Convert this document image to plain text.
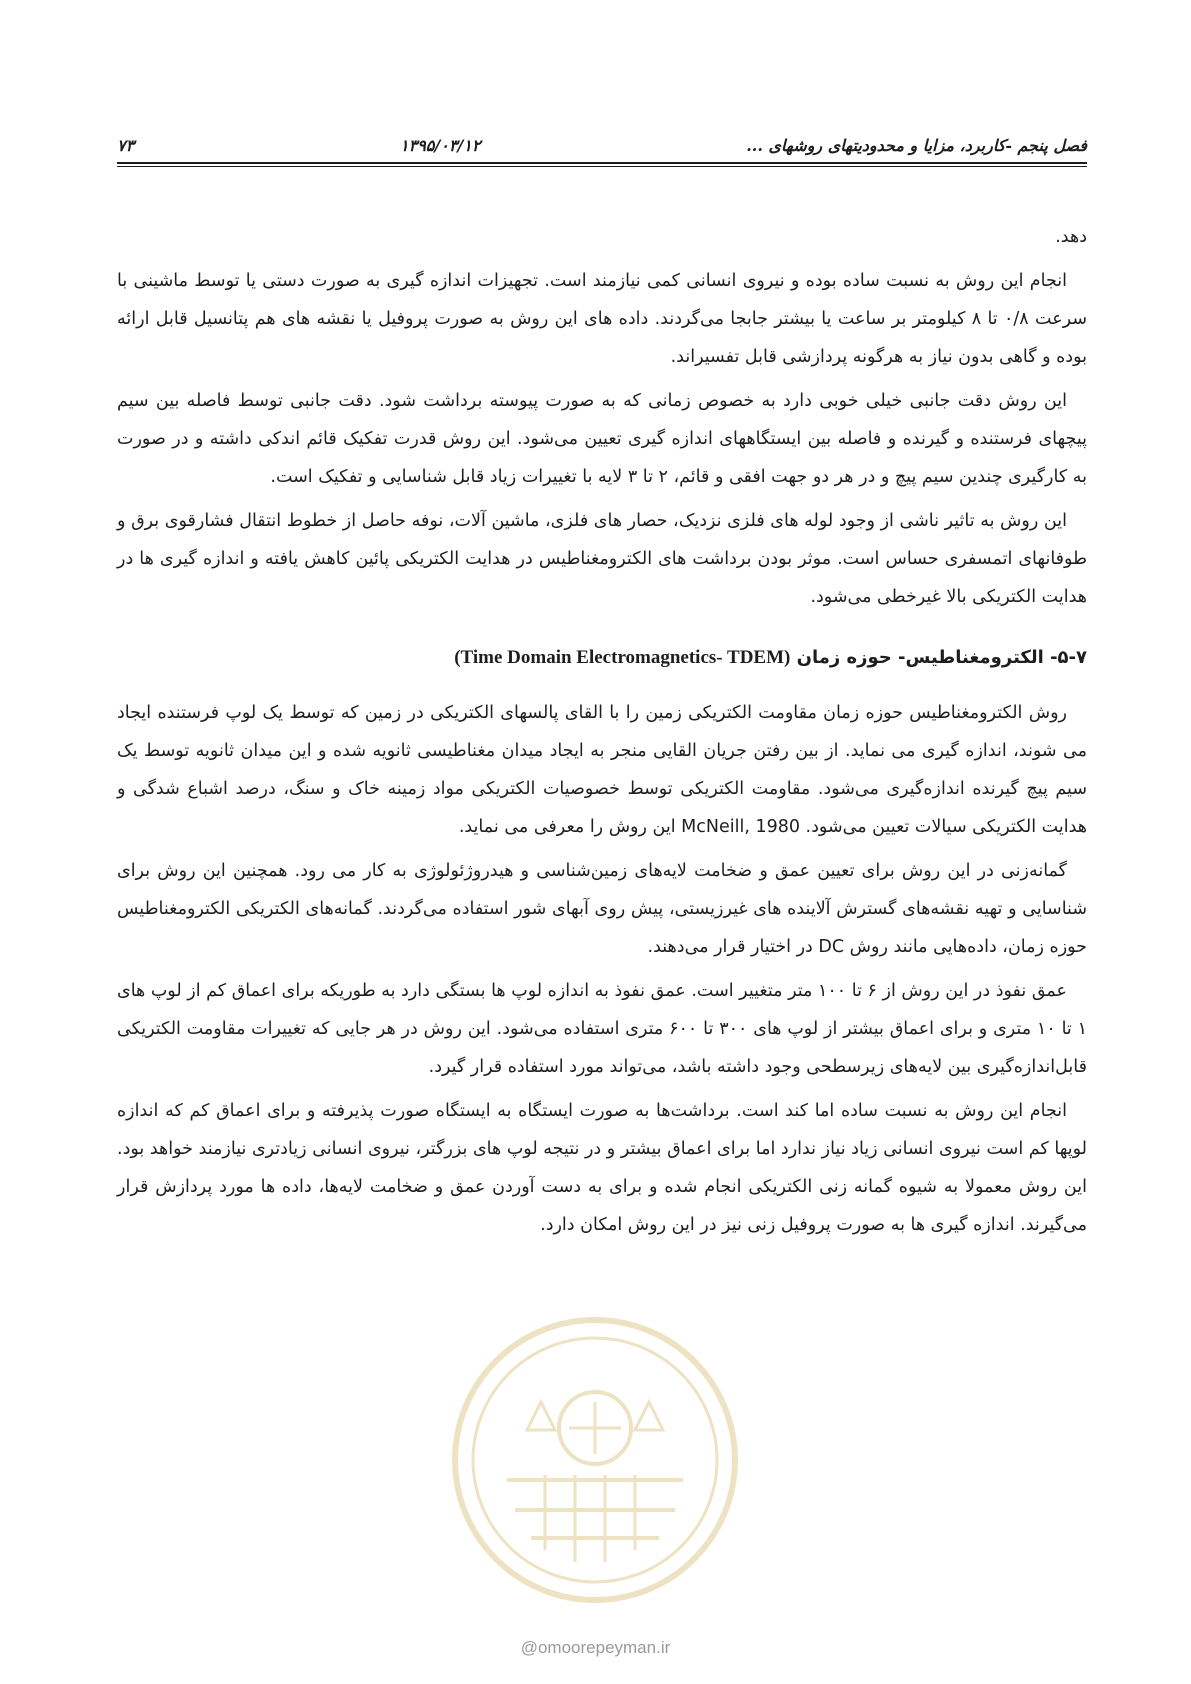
فصل پنجم -کاربرد، مزایا و محدودیتهای روشهای ...
۱۳۹۵/۰۳/۱۲
۷۳

دهد.

انجام این روش به نسبت ساده بوده و نیروی انسانی کمی نیازمند است. تجهیزات اندازه گیری به صورت دستی یا توسط ماشینی با سرعت ۰/۸ تا ۸ کیلومتر بر ساعت یا بیشتر جابجا می‌گردند. داده های این روش به صورت پروفیل یا نقشه های هم پتانسیل قابل ارائه بوده و گاهی بدون نیاز به هرگونه پردازشی قابل تفسیراند.

این روش دقت جانبی خیلی خوبی دارد به خصوص زمانی که به صورت پیوسته برداشت شود. دقت جانبی توسط فاصله بین سیم پیچهای فرستنده و گیرنده و فاصله بین ایستگاههای اندازه گیری تعیین می‌شود. این روش قدرت تفکیک قائم اندکی داشته و در صورت به کارگیری چندین سیم پیچ و در هر دو جهت افقی و قائم، ۲ تا ۳ لایه با تغییرات زیاد قابل شناسایی و تفکیک است.

این روش به تاثیر ناشی از وجود لوله های فلزی نزدیک، حصار های فلزی، ماشین آلات، نوفه حاصل از خطوط انتقال فشارقوی برق و طوفانهای اتمسفری حساس است. موثر بودن برداشت های الکترومغناطیس در هدایت الکتریکی پائین کاهش یافته و اندازه گیری ها در هدایت الکتریکی بالا غیرخطی می‌شود.

۵-۷- الکترومغناطیس- حوزه زمان (Time Domain Electromagnetics- TDEM)

روش الکترومغناطیس حوزه زمان مقاومت الکتریکی زمین را با القای پالسهای الکتریکی در زمین که توسط یک لوپ فرستنده ایجاد می شوند، اندازه گیری می نماید. از بین رفتن جریان القایی منجر به ایجاد میدان مغناطیسی ثانویه شده و این میدان ثانویه توسط یک سیم پیچ گیرنده اندازه‌گیری می‌شود. مقاومت الکتریکی توسط خصوصیات الکتریکی مواد زمینه خاک و سنگ، درصد اشباع شدگی و هدایت الکتریکی سیالات تعیین می‌شود. McNeill, 1980 این روش را معرفی می نماید.

گمانه‌زنی در این روش برای تعیین عمق و ضخامت لایه‌های زمین‌شناسی و هیدروژئولوژی به کار می رود. همچنین این روش برای شناسایی و تهیه نقشه‌های گسترش آلاینده های غیرزیستی، پیش روی آبهای شور استفاده می‌گردند. گمانه‌های الکتریکی الکترومغناطیس حوزه زمان، داده‌هایی مانند روش DC در اختیار قرار می‌دهند.

عمق نفوذ در این روش از ۶ تا ۱۰۰ متر متغییر است. عمق نفوذ به اندازه لوپ ها بستگی دارد به طوریکه برای اعماق کم از لوپ های ۱ تا ۱۰ متری و برای اعماق بیشتر از لوپ های ۳۰۰ تا ۶۰۰ متری استفاده می‌شود. این روش در هر جایی که تغییرات مقاومت الکتریکی قابل‌اندازه‌گیری بین لایه‌های زیرسطحی وجود داشته باشد، می‌تواند مورد استفاده قرار گیرد.

انجام این روش به نسبت ساده اما کند است. برداشت‌ها به صورت ایستگاه به ایستگاه صورت پذیرفته و برای اعماق کم که اندازه لوپها کم است نیروی انسانی زیاد نیاز ندارد اما برای اعماق بیشتر و در نتیجه لوپ های بزرگتر، نیروی انسانی زیادتری نیازمند خواهد بود. این روش معمولا به شیوه گمانه زنی الکتریکی انجام شده و برای به دست آوردن عمق و ضخامت لایه‌ها، داده ها مورد پردازش قرار می‌گیرند. اندازه گیری ها به صورت پروفیل زنی نیز در این روش امکان دارد.

@omoorepeyman.ir
